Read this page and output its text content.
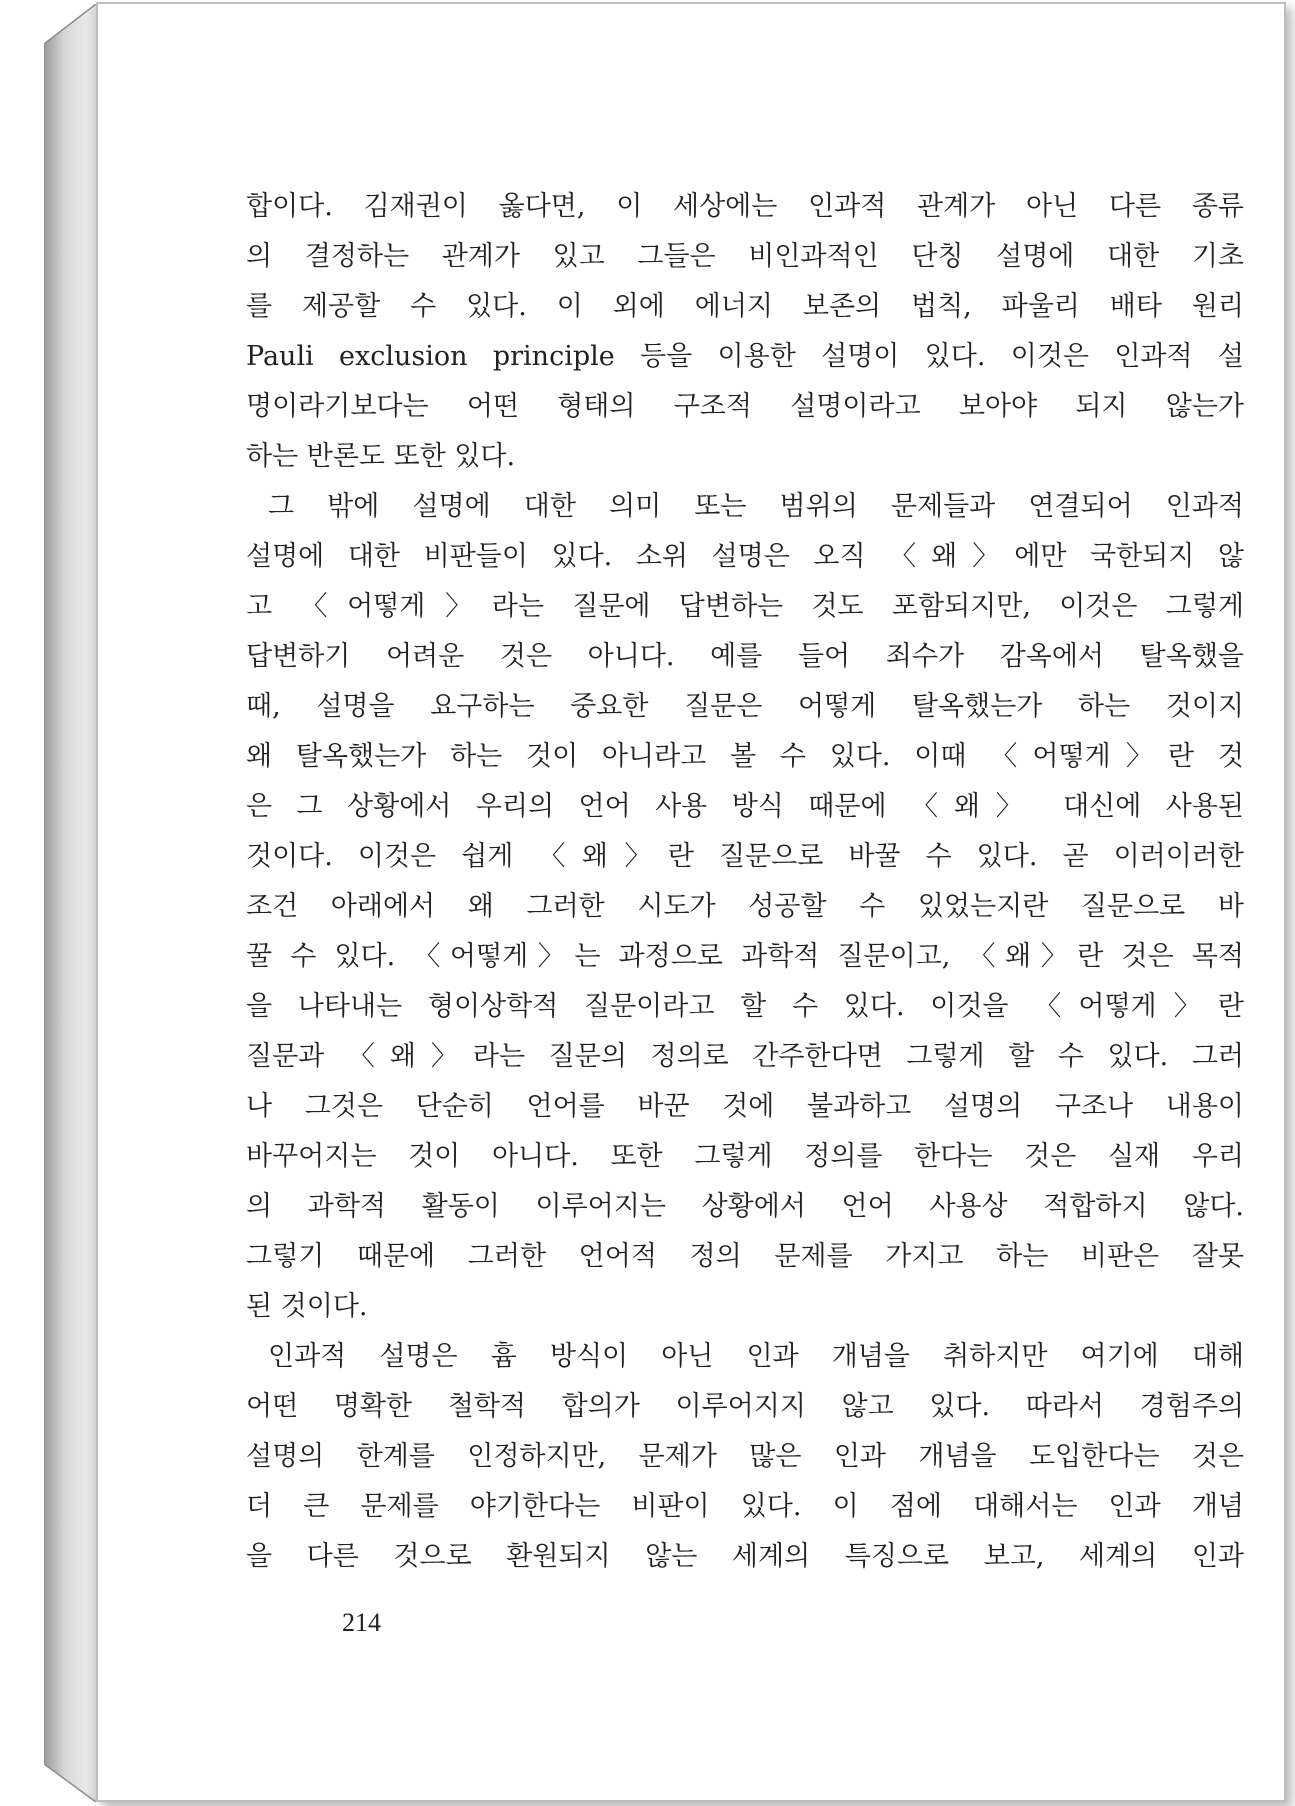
합이다. 김재권이 옳다면, 이 세상에는 인과적 관계가 아닌 다른 종류
의 결정하는 관계가 있고 그들은 비인과적인 단칭 설명에 대한 기초
를 제공할 수 있다. 이 외에 에너지 보존의 법칙, 파울리 배타 원리
Pauli exclusion principle 등을 이용한 설명이 있다. 이것은 인과적 설
명이라기보다는 어떤 형태의 구조적 설명이라고 보아야 되지 않는가
하는 반론도 또한 있다.
그 밖에 설명에 대한 의미 또는 범위의 문제들과 연결되어 인과적
설명에 대한 비판들이 있다. 소위 설명은 오직 〈왜〉에만 국한되지 않
고 〈어떻게〉라는 질문에 답변하는 것도 포함되지만, 이것은 그렇게
답변하기 어려운 것은 아니다. 예를 들어 죄수가 감옥에서 탈옥했을
때, 설명을 요구하는 중요한 질문은 어떻게 탈옥했는가 하는 것이지
왜 탈옥했는가 하는 것이 아니라고 볼 수 있다. 이때 〈어떻게〉란 것
은 그 상황에서 우리의 언어 사용 방식 때문에 〈왜〉 대신에 사용된
것이다. 이것은 쉽게 〈왜〉란 질문으로 바꿀 수 있다. 곧 이러이러한
조건 아래에서 왜 그러한 시도가 성공할 수 있었는지란 질문으로 바
꿀 수 있다. 〈어떻게〉는 과정으로 과학적 질문이고, 〈왜〉란 것은 목적
을 나타내는 형이상학적 질문이라고 할 수 있다. 이것을 〈어떻게〉란
질문과 〈왜〉라는 질문의 정의로 간주한다면 그렇게 할 수 있다. 그러
나 그것은 단순히 언어를 바꾼 것에 불과하고 설명의 구조나 내용이
바꾸어지는 것이 아니다. 또한 그렇게 정의를 한다는 것은 실재 우리
의 과학적 활동이 이루어지는 상황에서 언어 사용상 적합하지 않다.
그렇기 때문에 그러한 언어적 정의 문제를 가지고 하는 비판은 잘못
된 것이다.
인과적 설명은 흄 방식이 아닌 인과 개념을 취하지만 여기에 대해
어떤 명확한 철학적 합의가 이루어지지 않고 있다. 따라서 경험주의
설명의 한계를 인정하지만, 문제가 많은 인과 개념을 도입한다는 것은
더 큰 문제를 야기한다는 비판이 있다. 이 점에 대해서는 인과 개념
을 다른 것으로 환원되지 않는 세계의 특징으로 보고, 세계의 인과
214
